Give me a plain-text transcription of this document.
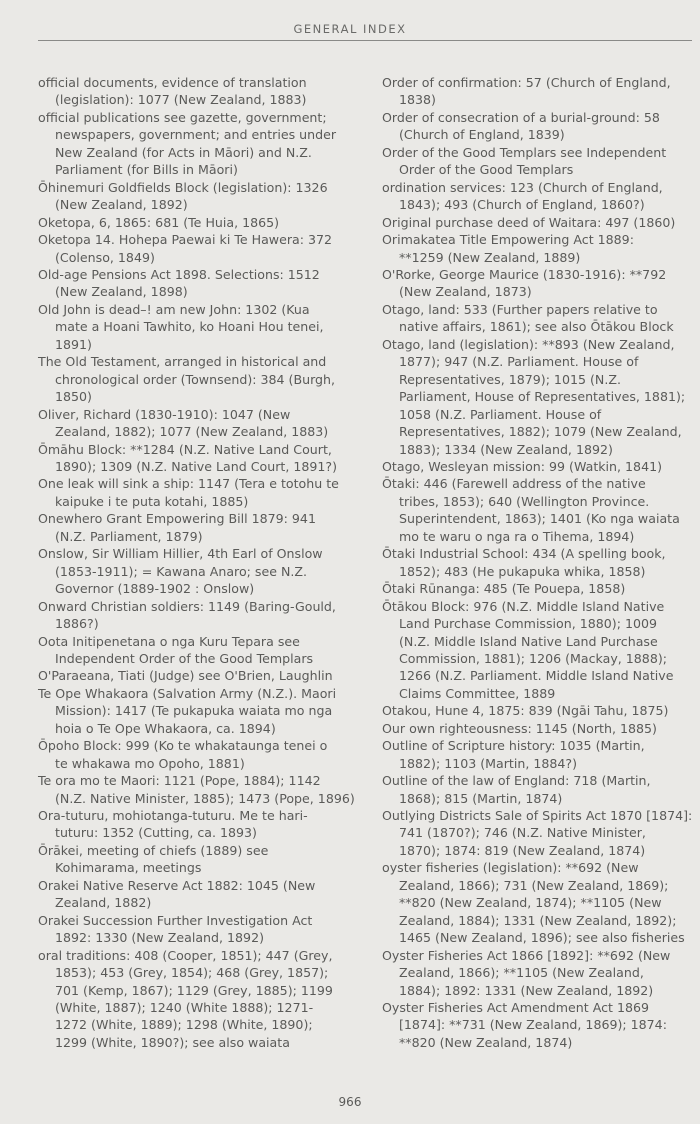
GENERAL INDEX
official documents, evidence of translation
(legislation): 1077 (New Zealand, 1883)
official publications see gazette, government;
newspapers, government; and entries under
New Zealand (for Acts in Māori) and N.Z.
Parliament (for Bills in Māori)
Ōhinemuri Goldfields Block (legislation): 1326
(New Zealand, 1892)
Oketopa, 6, 1865: 681 (Te Huia, 1865)
Oketopa 14. Hohepa Paewai ki Te Hawera: 372
(Colenso, 1849)
Old-age Pensions Act 1898. Selections: 1512
(New Zealand, 1898)
Old John is dead–! am new John: 1302 (Kua
mate a Hoani Tawhito, ko Hoani Hou tenei,
1891)
The Old Testament, arranged in historical and
chronological order (Townsend): 384 (Burgh,
1850)
Oliver, Richard (1830-1910): 1047 (New
Zealand, 1882); 1077 (New Zealand, 1883)
Ōmāhu Block: **1284 (N.Z. Native Land Court,
1890); 1309 (N.Z. Native Land Court, 1891?)
One leak will sink a ship: 1147 (Tera e totohu te
kaipuke i te puta kotahi, 1885)
Onewhero Grant Empowering Bill 1879: 941
(N.Z. Parliament, 1879)
Onslow, Sir William Hillier, 4th Earl of Onslow
(1853-1911); = Kawana Anaro; see N.Z.
Governor (1889-1902 : Onslow)
Onward Christian soldiers: 1149 (Baring-Gould,
1886?)
Oota Initipenetana o nga Kuru Tepara see
Independent Order of the Good Templars
O'Paraeana, Tiati (Judge) see O'Brien, Laughlin
Te Ope Whakaora (Salvation Army (N.Z.). Maori
Mission): 1417 (Te pukapuka waiata mo nga
hoia o Te Ope Whakaora, ca. 1894)
Ōpoho Block: 999 (Ko te whakataunga tenei o
te whakawa mo Opoho, 1881)
Te ora mo te Maori: 1121 (Pope, 1884); 1142
(N.Z. Native Minister, 1885); 1473 (Pope, 1896)
Ora-tuturu, mohiotanga-tuturu. Me te hari-
tuturu: 1352 (Cutting, ca. 1893)
Ōrākei, meeting of chiefs (1889) see
Kohimarama, meetings
Orakei Native Reserve Act 1882: 1045 (New
Zealand, 1882)
Orakei Succession Further Investigation Act
1892: 1330 (New Zealand, 1892)
oral traditions: 408 (Cooper, 1851); 447 (Grey,
1853); 453 (Grey, 1854); 468 (Grey, 1857);
701 (Kemp, 1867); 1129 (Grey, 1885); 1199
(White, 1887); 1240 (White 1888); 1271-
1272 (White, 1889); 1298 (White, 1890);
1299 (White, 1890?); see also waiata
Order of confirmation: 57 (Church of England,
1838)
Order of consecration of a burial-ground: 58
(Church of England, 1839)
Order of the Good Templars see Independent
Order of the Good Templars
ordination services: 123 (Church of England,
1843); 493 (Church of England, 1860?)
Original purchase deed of Waitara: 497 (1860)
Orimakatea Title Empowering Act 1889:
**1259 (New Zealand, 1889)
O'Rorke, George Maurice (1830-1916): **792
(New Zealand, 1873)
Otago, land: 533 (Further papers relative to
native affairs, 1861); see also Ōtākou Block
Otago, land (legislation): **893 (New Zealand,
1877); 947 (N.Z. Parliament. House of
Representatives, 1879); 1015 (N.Z.
Parliament, House of Representatives, 1881);
1058 (N.Z. Parliament. House of
Representatives, 1882); 1079 (New Zealand,
1883); 1334 (New Zealand, 1892)
Otago, Wesleyan mission: 99 (Watkin, 1841)
Ōtaki: 446 (Farewell address of the native
tribes, 1853); 640 (Wellington Province.
Superintendent, 1863); 1401 (Ko nga waiata
mo te waru o nga ra o Tihema, 1894)
Ōtaki Industrial School: 434 (A spelling book,
1852); 483 (He pukapuka whika, 1858)
Ōtaki Rūnanga: 485 (Te Pouepa, 1858)
Ōtākou Block: 976 (N.Z. Middle Island Native
Land Purchase Commission, 1880); 1009
(N.Z. Middle Island Native Land Purchase
Commission, 1881); 1206 (Mackay, 1888);
1266 (N.Z. Parliament. Middle Island Native
Claims Committee, 1889
Otakou, Hune 4, 1875: 839 (Ngāi Tahu, 1875)
Our own righteousness: 1145 (North, 1885)
Outline of Scripture history: 1035 (Martin,
1882); 1103 (Martin, 1884?)
Outline of the law of England: 718 (Martin,
1868); 815 (Martin, 1874)
Outlying Districts Sale of Spirits Act 1870 [1874]:
741 (1870?); 746 (N.Z. Native Minister,
1870); 1874: 819 (New Zealand, 1874)
oyster fisheries (legislation): **692 (New
Zealand, 1866); 731 (New Zealand, 1869);
**820 (New Zealand, 1874); **1105 (New
Zealand, 1884); 1331 (New Zealand, 1892);
1465 (New Zealand, 1896); see also fisheries
Oyster Fisheries Act 1866 [1892]: **692 (New
Zealand, 1866); **1105 (New Zealand,
1884); 1892: 1331 (New Zealand, 1892)
Oyster Fisheries Act Amendment Act 1869
[1874]: **731 (New Zealand, 1869); 1874:
**820 (New Zealand, 1874)
966
